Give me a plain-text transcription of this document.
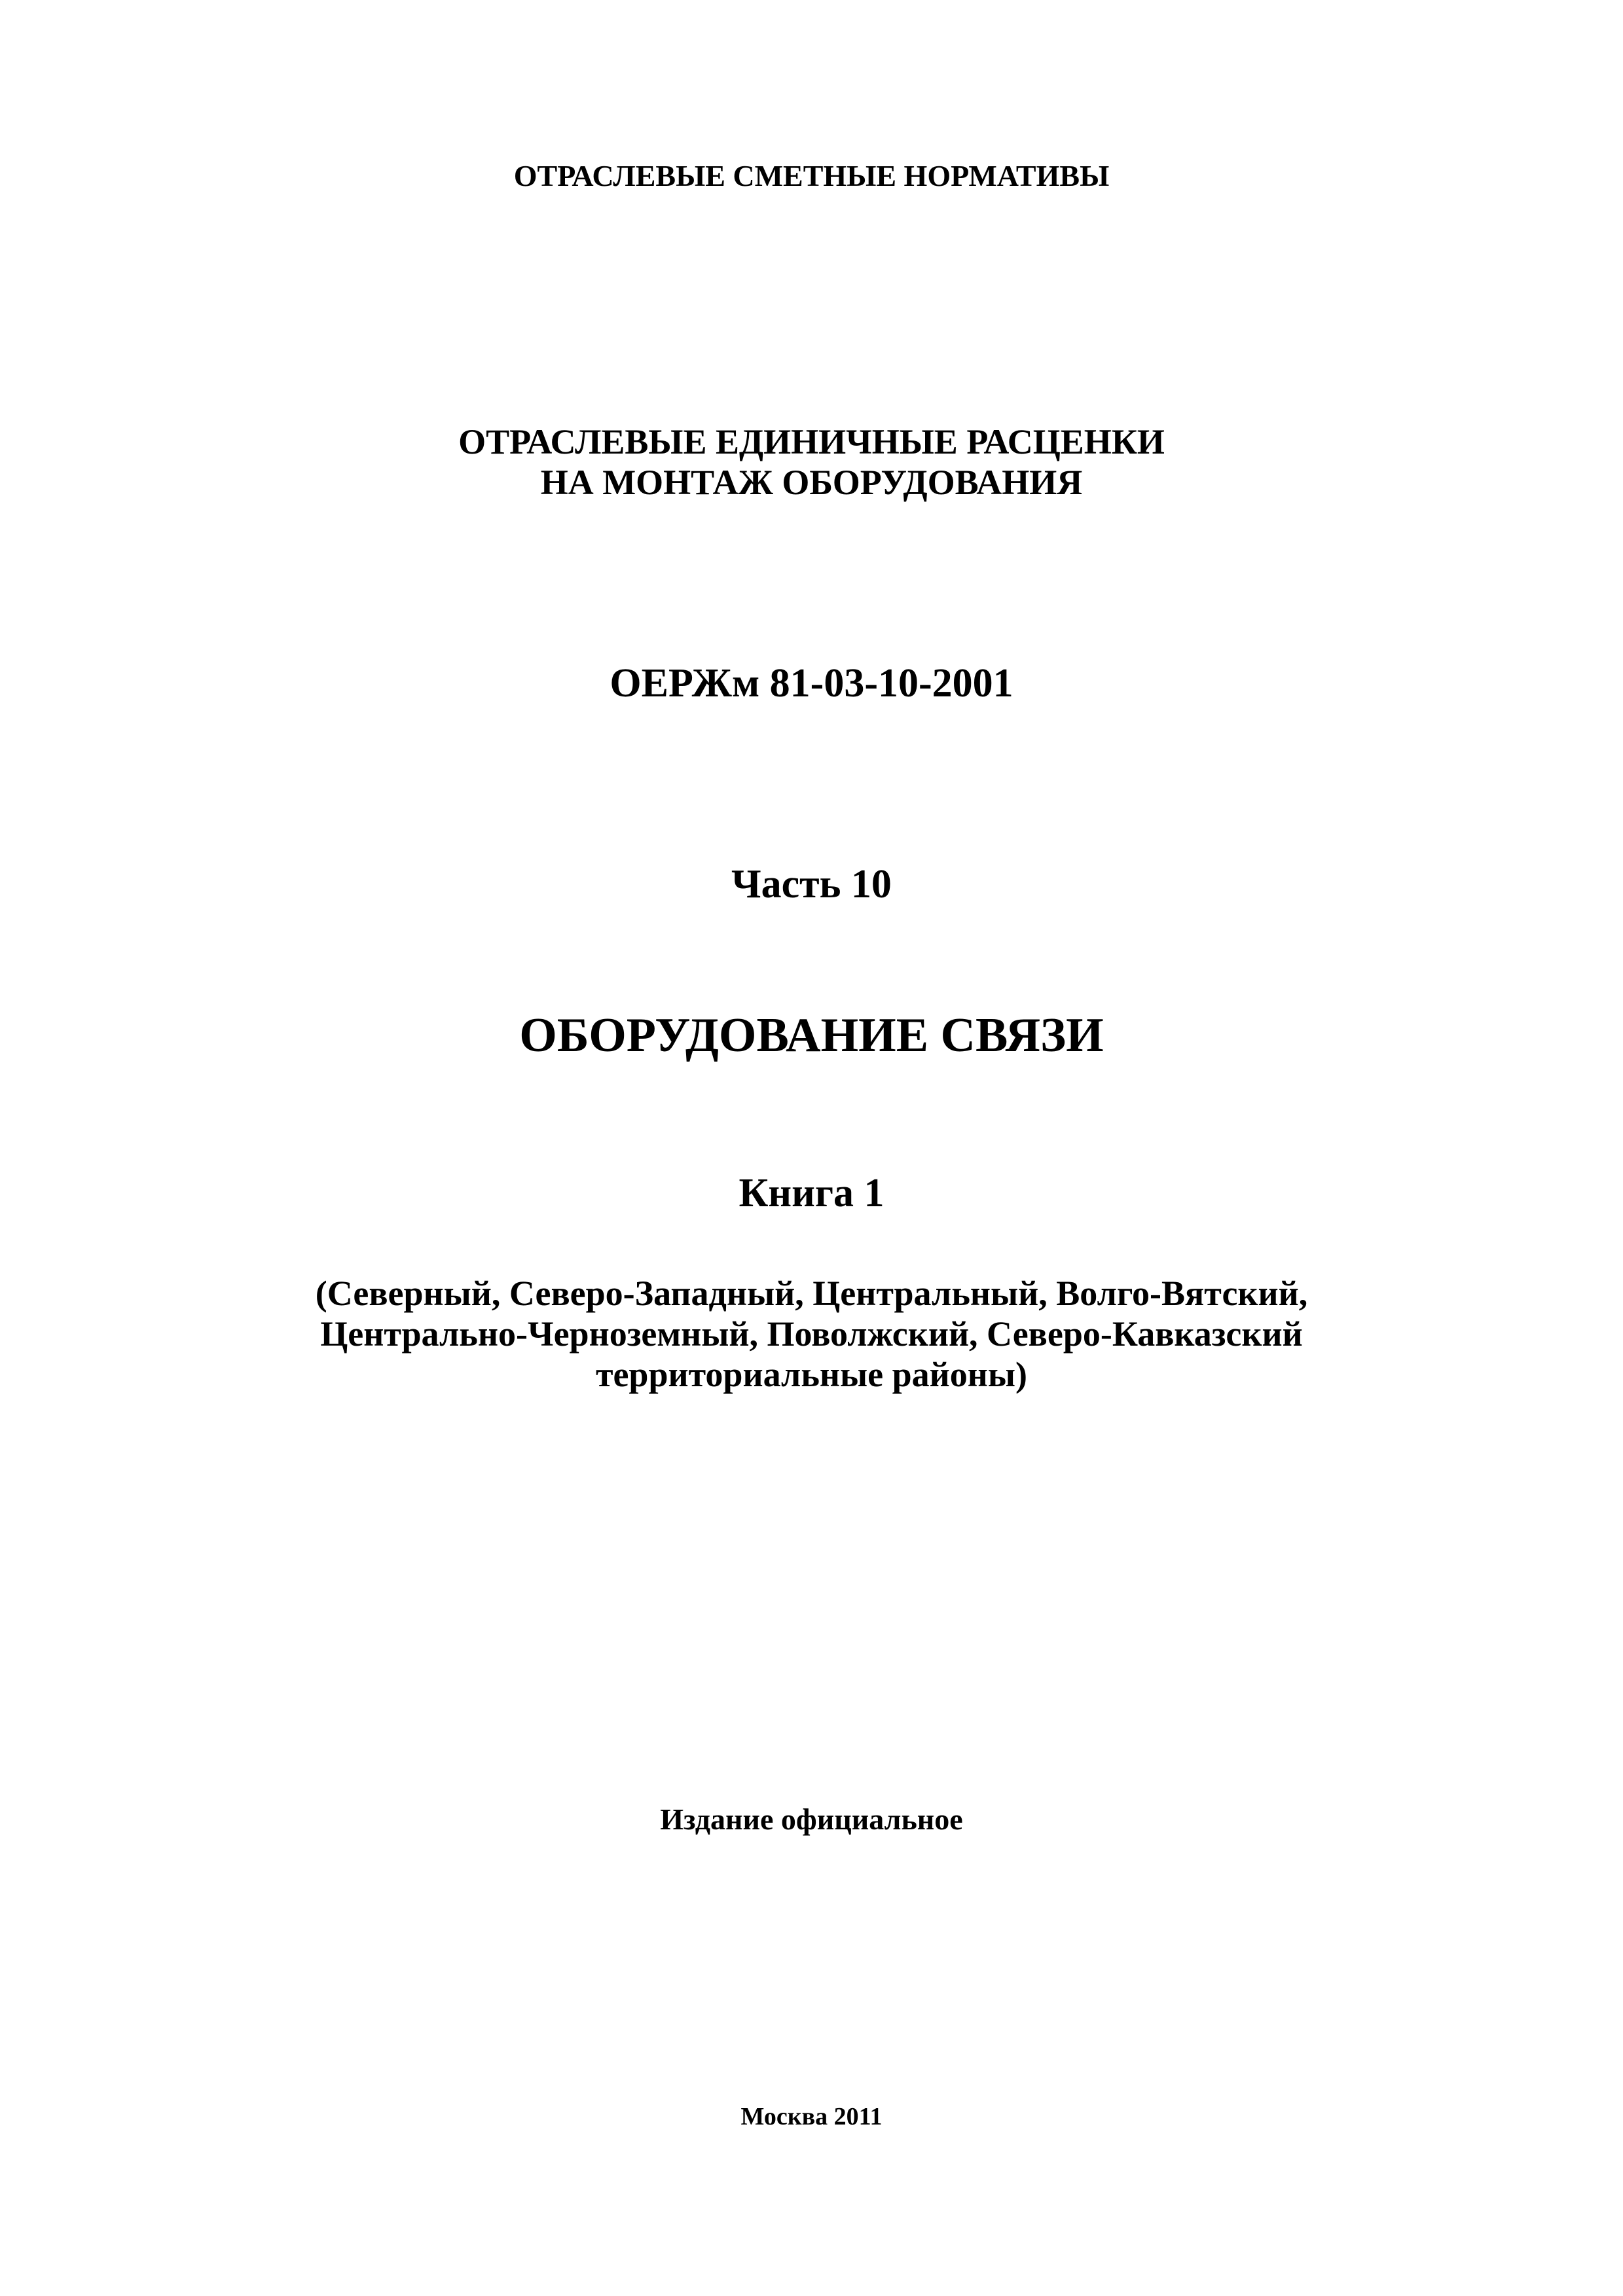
ОТРАСЛЕВЫЕ СМЕТНЫЕ НОРМАТИВЫ
ОТРАСЛЕВЫЕ ЕДИНИЧНЫЕ РАСЦЕНКИ
НА МОНТАЖ ОБОРУДОВАНИЯ
ОЕРЖм 81-03-10-2001
Часть 10
ОБОРУДОВАНИЕ СВЯЗИ
Книга 1
(Северный, Северо-Западный, Центральный, Волго-Вятский,
Центрально-Черноземный, Поволжский, Северо-Кавказский
территориальные районы)
Издание официальное
Москва 2011
